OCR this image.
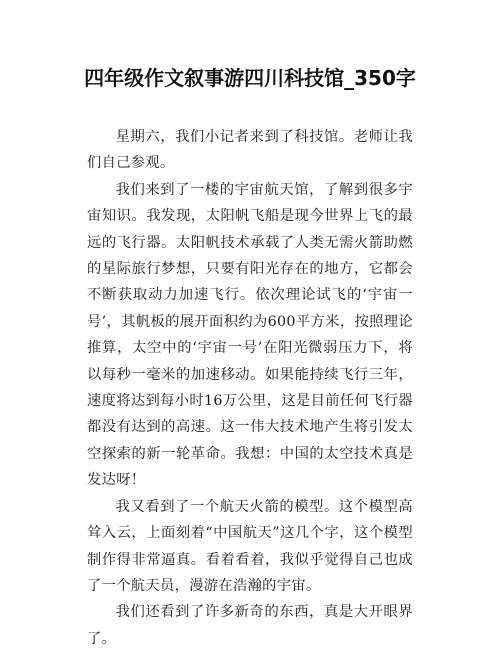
四年级作文叙事游四川科技馆_350字

星期六，我们小记者来到了科技馆。老师让我们自己参观。

我们来到了一楼的宇宙航天馆，了解到很多宇宙知识。我发现，太阳帆飞船是现今世界上飞的最远的飞行器。太阳帆技术承载了人类无需火箭助燃的星际旅行梦想，只要有阳光存在的地方，它都会不断获取动力加速飞行。依次理论试飞的‘宇宙一号’，其帆板的展开面积约为600平方米，按照理论推算，太空中的‘宇宙一号’在阳光微弱压力下，将以每秒一毫米的加速移动。如果能持续飞行三年，速度将达到每小时16万公里，这是目前任何飞行器都没有达到的高速。这一伟大技术地产生将引发太空探索的新一轮革命。我想：中国的太空技术真是发达呀！

我又看到了一个航天火箭的模型。这个模型高耸入云，上面刻着“中国航天”这几个字，这个模型制作得非常逼真。看着看着，我似乎觉得自己也成了一个航天员，漫游在浩瀚的宇宙。

我们还看到了许多新奇的东西，真是大开眼界了。
